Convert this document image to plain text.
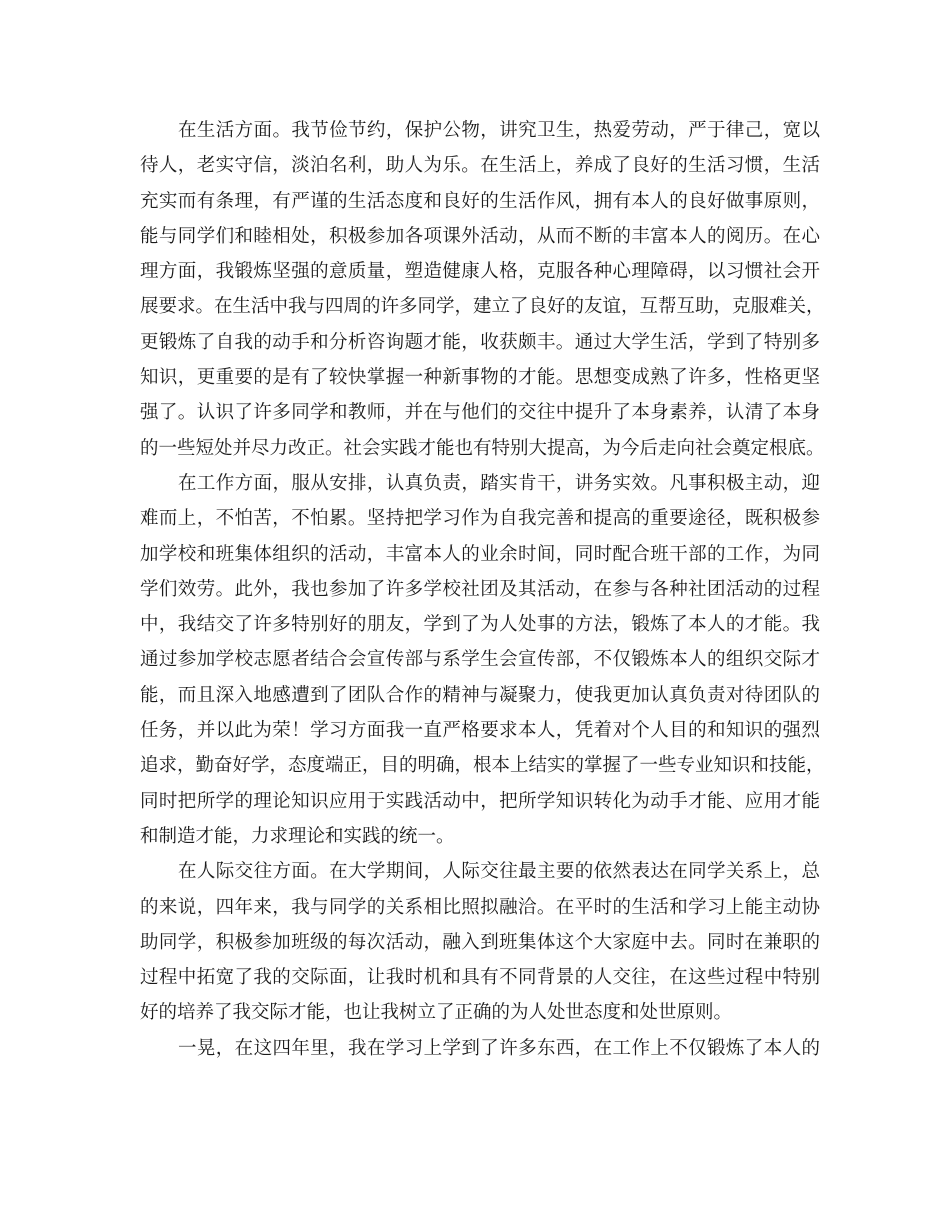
在生活方面。我节俭节约，保护公物，讲究卫生，热爱劳动，严于律己，宽以
待人，老实守信，淡泊名利，助人为乐。在生活上，养成了良好的生活习惯，生活
充实而有条理，有严谨的生活态度和良好的生活作风，拥有本人的良好做事原则，
能与同学们和睦相处，积极参加各项课外活动，从而不断的丰富本人的阅历。在心
理方面，我锻炼坚强的意质量，塑造健康人格，克服各种心理障碍，以习惯社会开
展要求。在生活中我与四周的许多同学，建立了良好的友谊，互帮互助，克服难关，
更锻炼了自我的动手和分析咨询题才能，收获颇丰。通过大学生活，学到了特别多
知识，更重要的是有了较快掌握一种新事物的才能。思想变成熟了许多，性格更坚
强了。认识了许多同学和教师，并在与他们的交往中提升了本身素养，认清了本身
的一些短处并尽力改正。社会实践才能也有特别大提高，为今后走向社会奠定根底。
在工作方面，服从安排，认真负责，踏实肯干，讲务实效。凡事积极主动，迎
难而上，不怕苦，不怕累。坚持把学习作为自我完善和提高的重要途径，既积极参
加学校和班集体组织的活动，丰富本人的业余时间，同时配合班干部的工作，为同
学们效劳。此外，我也参加了许多学校社团及其活动，在参与各种社团活动的过程
中，我结交了许多特别好的朋友，学到了为人处事的方法，锻炼了本人的才能。我
通过参加学校志愿者结合会宣传部与系学生会宣传部，不仅锻炼本人的组织交际才
能，而且深入地感遭到了团队合作的精神与凝聚力，使我更加认真负责对待团队的
任务，并以此为荣！学习方面我一直严格要求本人，凭着对个人目的和知识的强烈
追求，勤奋好学，态度端正，目的明确，根本上结实的掌握了一些专业知识和技能，
同时把所学的理论知识应用于实践活动中，把所学知识转化为动手才能、应用才能
和制造才能，力求理论和实践的统一。
在人际交往方面。在大学期间，人际交往最主要的依然表达在同学关系上，总
的来说，四年来，我与同学的关系相比照拟融洽。在平时的生活和学习上能主动协
助同学，积极参加班级的每次活动，融入到班集体这个大家庭中去。同时在兼职的
过程中拓宽了我的交际面，让我时机和具有不同背景的人交往，在这些过程中特别
好的培养了我交际才能，也让我树立了正确的为人处世态度和处世原则。
一晃，在这四年里，我在学习上学到了许多东西，在工作上不仅锻炼了本人的
